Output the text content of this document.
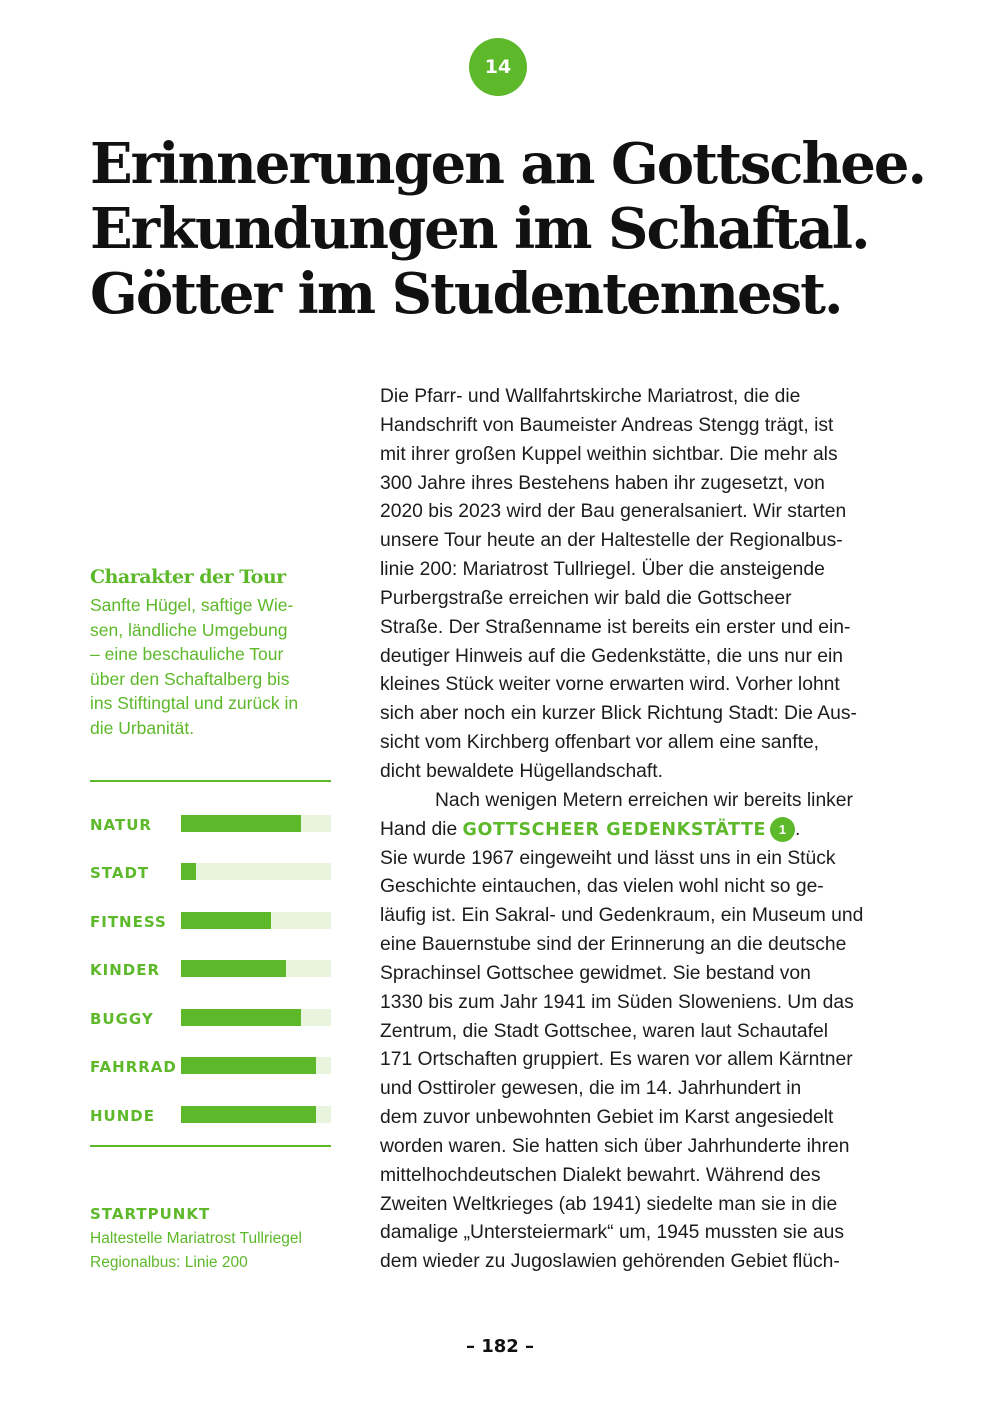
14
Erinnerungen an Gottschee.
Erkundungen im Schaftal.
Götter im Studentennest.
Charakter der Tour
Sanfte Hügel, saftige Wie-
sen, ländliche Umgebung
– eine beschauliche Tour
über den Schaftalberg bis
ins Stiftingtal und zurück in
die Urbanität.
NATUR
STADT
FITNESS
KINDER
BUGGY
FAHRRAD
HUNDE
STARTPUNKT
Haltestelle Mariatrost Tullriegel
Regionalbus: Linie 200
Die Pfarr- und Wallfahrtskirche Mariatrost, die die
Handschrift von Baumeister Andreas Stengg trägt, ist
mit ihrer großen Kuppel weithin sichtbar. Die mehr als
300 Jahre ihres Bestehens haben ihr zugesetzt, von
2020 bis 2023 wird der Bau generalsaniert. Wir starten
unsere Tour heute an der Haltestelle der Regionalbus-
linie 200: Mariatrost Tullriegel. Über die ansteigende
Purbergstraße erreichen wir bald die Gottscheer
Straße. Der Straßenname ist bereits ein erster und ein-
deutiger Hinweis auf die Gedenkstätte, die uns nur ein
kleines Stück weiter vorne erwarten wird. Vorher lohnt
sich aber noch ein kurzer Blick Richtung Stadt: Die Aus-
sicht vom Kirchberg offenbart vor allem eine sanfte,
dicht bewaldete Hügellandschaft.
Nach wenigen Metern erreichen wir bereits linker
Hand die GOTTSCHEER GEDENKSTÄTTE 1 .
Sie wurde 1967 eingeweiht und lässt uns in ein Stück
Geschichte eintauchen, das vielen wohl nicht so ge-
läufig ist. Ein Sakral- und Gedenkraum, ein Museum und
eine Bauernstube sind der Erinnerung an die deutsche
Sprachinsel Gottschee gewidmet. Sie bestand von
1330 bis zum Jahr 1941 im Süden Sloweniens. Um das
Zentrum, die Stadt Gottschee, waren laut Schautafel
171 Ortschaften gruppiert. Es waren vor allem Kärntner
und Osttiroler gewesen, die im 14. Jahrhundert in
dem zuvor unbewohnten Gebiet im Karst angesiedelt
worden waren. Sie hatten sich über Jahrhunderte ihren
mittelhochdeutschen Dialekt bewahrt. Während des
Zweiten Weltkrieges (ab 1941) siedelte man sie in die
damalige „Untersteiermark“ um, 1945 mussten sie aus
dem wieder zu Jugoslawien gehörenden Gebiet flüch-
– 182 –
